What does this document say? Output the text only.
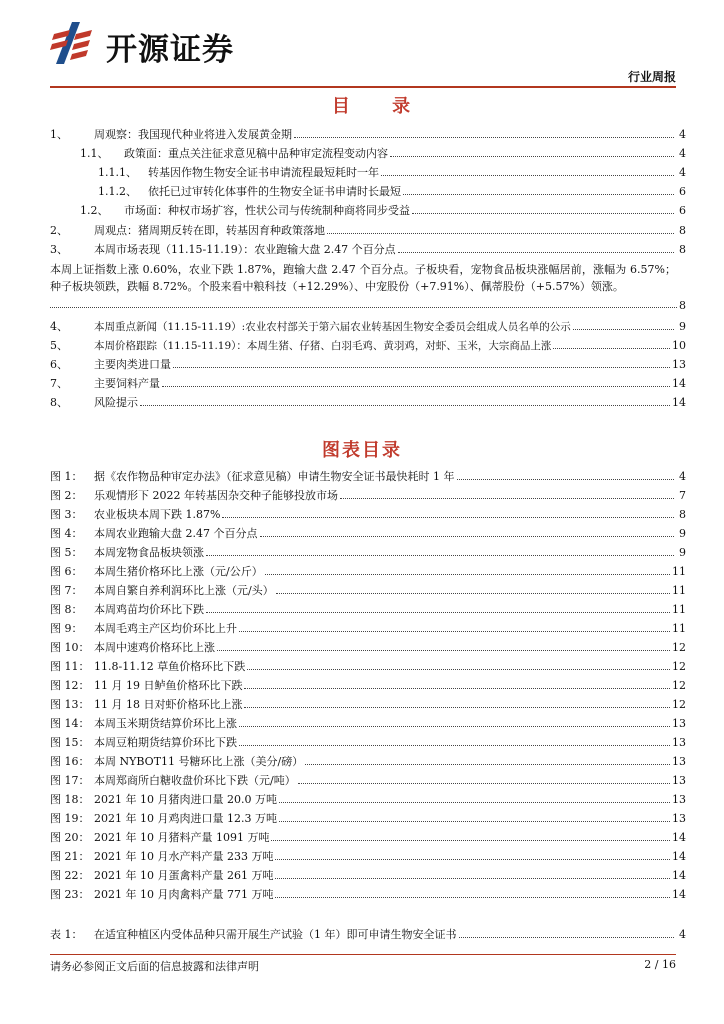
开源证券
行业周报
目 录
1、	周观察：我国现代种业将进入发展黄金期	4
1.1、	政策面：重点关注征求意见稿中品种审定流程变动内容	4
1.1.1、	转基因作物生物安全证书申请流程最短耗时一年	4
1.1.2、	依托已过审转化体事件的生物安全证书申请时长最短	6
1.2、	市场面：种权市场扩容，性状公司与传统制种商将同步受益	6
2、	周观点：猪周期反转在即，转基因育种政策落地	8
3、	本周市场表现（11.15-11.19）：农业跑输大盘 2.47 个百分点	8
本周上证指数上涨 0.60%，农业下跌 1.87%，跑输大盘 2.47 个百分点。子板块看，宠物食品板块涨幅居前，涨幅为 6.57%；种子板块领跌，跌幅 8.72%。个股来看中粮科技（+12.29%）、中宠股份（+7.91%）、佩蒂股份（+5.57%）领涨。
8
4、	本周重点新闻（11.15-11.19）:农业农村部关于第六届农业转基因生物安全委员会组成人员名单的公示	9
5、	本周价格跟踪（11.15-11.19）：本周生猪、仔猪、白羽毛鸡、黄羽鸡，对虾、玉米，大宗商品上涨	10
6、	主要肉类进口量	13
7、	主要饲料产量	14
8、	风险提示	14
图表目录
图 1：	据《农作物品种审定办法》（征求意见稿）申请生物安全证书最快耗时 1 年	4
图 2：	乐观情形下 2022 年转基因杂交种子能够投放市场	7
图 3：	农业板块本周下跌 1.87%	8
图 4：	本周农业跑输大盘 2.47 个百分点	9
图 5：	本周宠物食品板块领涨	9
图 6：	本周生猪价格环比上涨（元/公斤）	11
图 7：	本周自繁自养利润环比上涨（元/头）	11
图 8：	本周鸡苗均价环比下跌	11
图 9：	本周毛鸡主产区均价环比上升	11
图 10： 本周中速鸡价格环比上涨	12
图 11： 11.8-11.12 草鱼价格环比下跌	12
图 12： 11 月 19 日鲈鱼价格环比下跌	12
图 13： 11 月 18 日对虾价格环比上涨	12
图 14： 本周玉米期货结算价环比上涨	13
图 15： 本周豆粕期货结算价环比下跌	13
图 16： 本周 NYBOT11 号糖环比上涨（美分/磅）	13
图 17： 本周郑商所白糖收盘价环比下跌（元/吨）	13
图 18： 2021 年 10 月猪肉进口量 20.0 万吨	13
图 19： 2021 年 10 月鸡肉进口量 12.3 万吨	13
图 20： 2021 年 10 月猪料产量 1091 万吨	14
图 21： 2021 年 10 月水产料产量 233 万吨	14
图 22： 2021 年 10 月蛋禽料产量 261 万吨	14
图 23： 2021 年 10 月肉禽料产量 771 万吨	14
表 1：	在适宜种植区内受体品种只需开展生产试验（1 年）即可申请生物安全证书	4
请务必参阅正文后面的信息披露和法律声明	2 / 16
